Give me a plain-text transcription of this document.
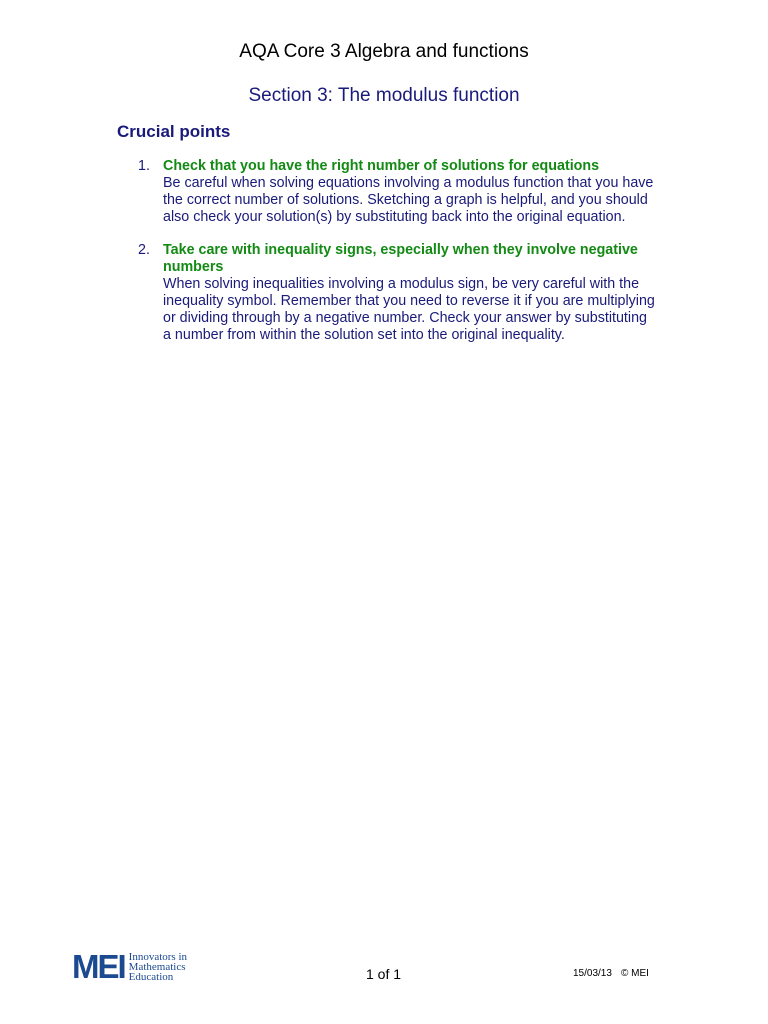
AQA Core 3 Algebra and functions
Section 3: The modulus function
Crucial points
1. Check that you have the right number of solutions for equations
Be careful when solving equations involving a modulus function that you have the correct number of solutions. Sketching a graph is helpful, and you should also check your solution(s) by substituting back into the original equation.
2. Take care with inequality signs, especially when they involve negative numbers
When solving inequalities involving a modulus sign, be very careful with the inequality symbol. Remember that you need to reverse it if you are multiplying or dividing through by a negative number. Check your answer by substituting a number from within the solution set into the original inequality.
MEI Innovators in
Mathematics
Education	1 of 1	15/03/13 © MEI
